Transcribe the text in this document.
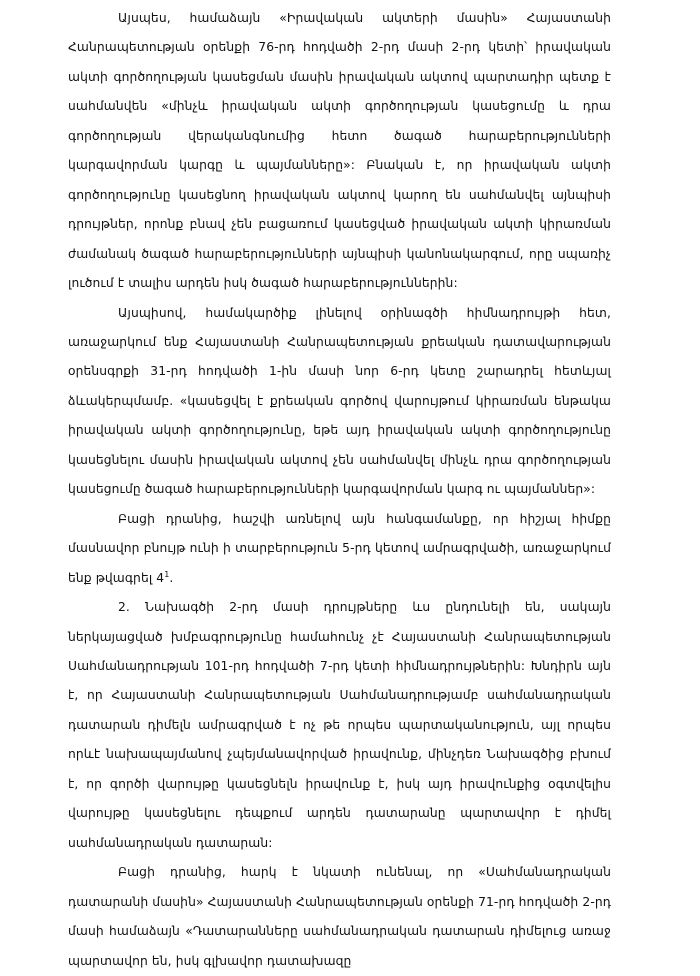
Այսպես, համաձայն «Իրավական ակտերի մասին» Հայաստանի Հանրապետության օրենքի 76-րդ հոդվածի 2-րդ մասի 2-րդ կետի՝ իրավական ակտի գործողության կասեցման մասին իրավական ակտով պարտադիր պետք է սահմանվեն «մինչև իրավական ակտի գործողության կասեցումը և դրա գործողության վերականգնումից հետո ծագած հարաբերությունների կարգավորման կարգը և պայմանները»: Բնական է, որ իրավական ակտի գործողությունը կասեցնող իրավական ակտով կարող են սահմանվել այնպիսի դրույթներ, որոնք բնավ չեն բացառում կասեցված իրավական ակտի կիրառման ժամանակ ծագած հարաբերությունների այնպիսի կանոնակարգում, որը սպառիչ լուծում է տալիս արդեն իսկ ծագած հարաբերություններին:

Այսպիսով, համակարծիք լինելով օրինագծի հիմնադրույթի հետ, առաջարկում ենք Հայաստանի Հանրապետության քրեական դատավարության օրենսգրքի 31-րդ հոդվածի 1-ին մասի նոր 6-րդ կետը շարադրել հետևյալ ձևակերպմամբ. «կասեցվել է քրեական գործով վարույթում կիրառման ենթակա իրավական ակտի գործողությունը, եթե այդ իրավական ակտի գործողությունը կասեցնելու մասին իրավական ակտով չեն սահմանվել մինչև դրա գործողության կասեցումը ծագած հարաբերությունների կարգավորման կարգ ու պայմաններ»:

Բացի դրանից, հաշվի առնելով այն հանգամանքը, որ հիշյալ հիմքը մասնավոր բնույթ ունի ի տարբերություն 5-րդ կետով ամրագրվածի, առաջարկում ենք թվագրել $4^1$.

2. Նախագծի 2-րդ մասի դրույթները ևս ընդունելի են, սակայն ներկայացված խմբագրությունը համահունչ չէ Հայաստանի Հանրապետության Սահմանադրության 101-րդ հոդվածի 7-րդ կետի հիմնադրույթներին: Խնդիրն այն է, որ Հայաստանի Հանրապետության Սահմանադրությամբ սահմանադրական դատարան դիմելն ամրագրված է ոչ թե որպես պարտականություն, այլ որպես որևէ նախապայմանով չպեյմանավորված իրավունք, մինչդեռ Նախագծից բխում է, որ գործի վարույթը կասեցնելն իրավունք է, իսկ այդ իրավունքից օգտվելիս վարույթը կասեցնելու դեպքում արդեն դատարանը պարտավոր է դիմել սահմանադրական դատարան:

Բացի դրանից, հարկ է նկատի ունենալ, որ «Սահմանադրական դատարանի մասին» Հայաստանի Հանրապետության օրենքի 71-րդ հոդվածի 2-րդ մասի համաձայն «Դատարանները սահմանադրական դատարան դիմելուց առաջ պարտավոր են, իսկ գլխավոր դատախազը
